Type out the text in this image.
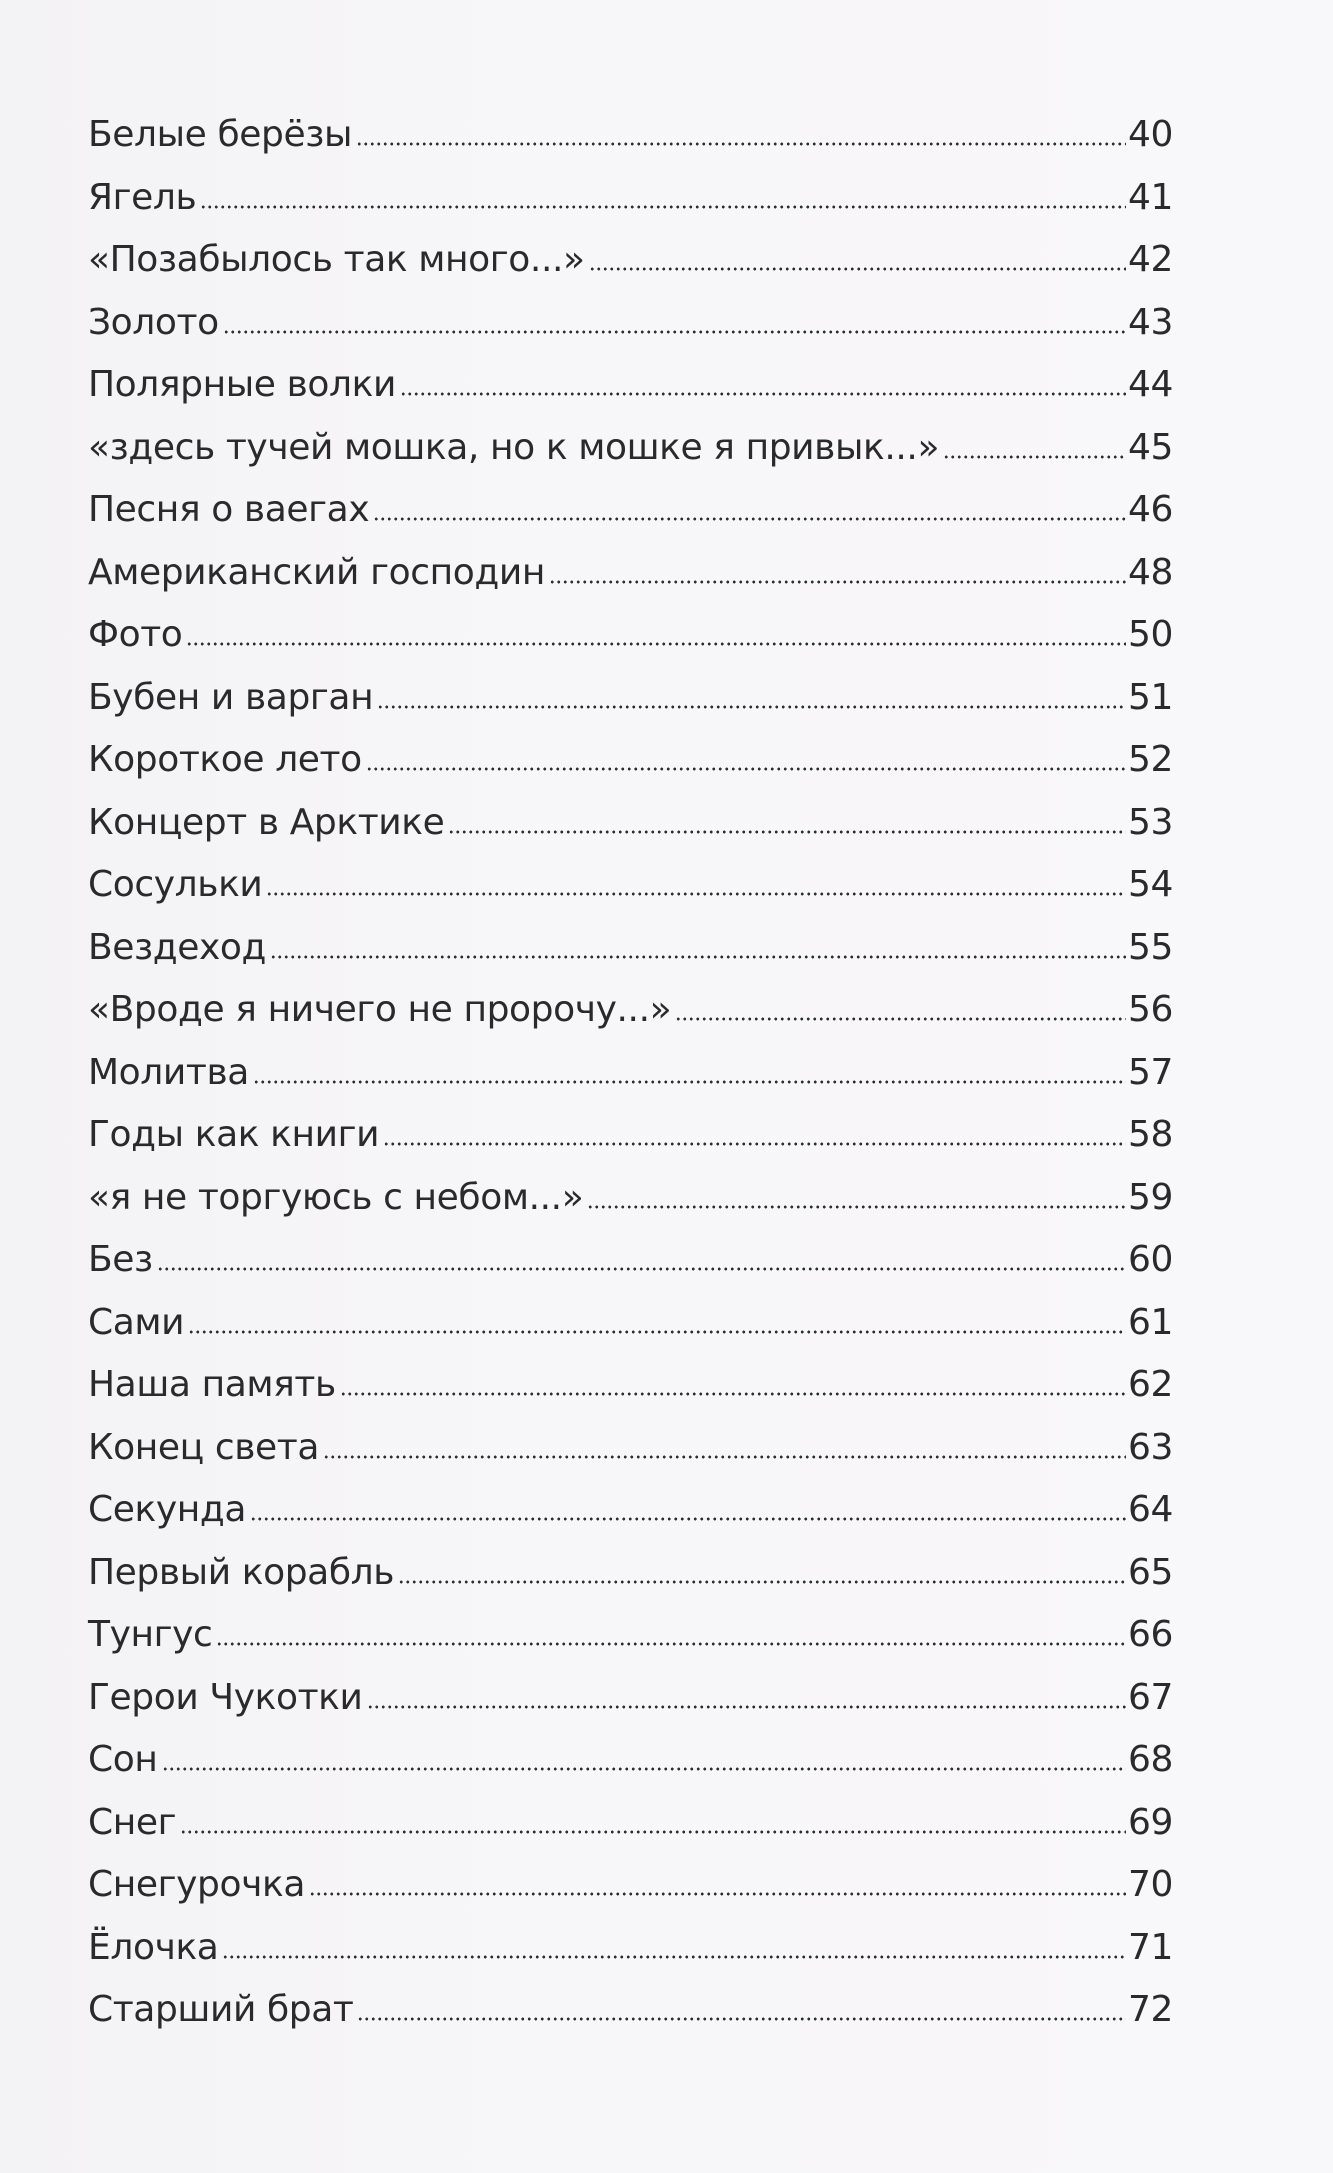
Белые берёзы	40
Ягель	41
«Позабылось так много...»	42
Золото	43
Полярные волки	44
«здесь тучей мошка, но к мошке я привык...»	45
Песня о ваегах	46
Американский господин	48
Фото	50
Бубен и варган	51
Короткое лето	52
Концерт в Арктике	53
Сосульки	54
Вездеход	55
«Вроде я ничего не пророчу...»	56
Молитва	57
Годы как книги	58
«я не торгуюсь с небом...»	59
Без	60
Сами	61
Наша память	62
Конец света	63
Секунда	64
Первый корабль	65
Тунгус	66
Герои Чукотки	67
Сон	68
Снег	69
Снегурочка	70
Ёлочка	71
Старший брат	72
